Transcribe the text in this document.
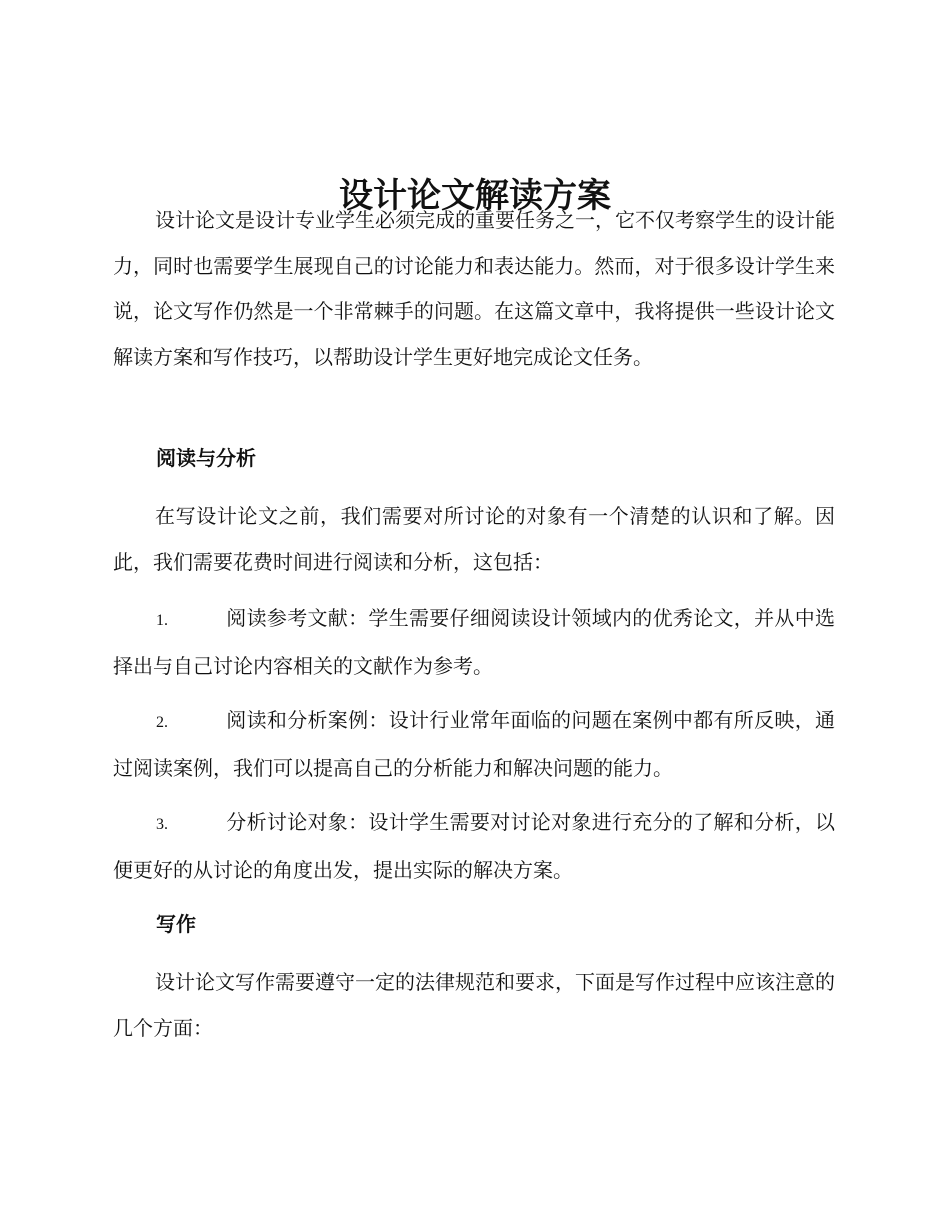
设计论文解读方案

设计论文是设计专业学生必须完成的重要任务之一，它不仅考察学生的设计能力，同时也需要学生展现自己的讨论能力和表达能力。然而，对于很多设计学生来说，论文写作仍然是一个非常棘手的问题。在这篇文章中，我将提供一些设计论文解读方案和写作技巧，以帮助设计学生更好地完成论文任务。

阅读与分析

在写设计论文之前，我们需要对所讨论的对象有一个清楚的认识和了解。因此，我们需要花费时间进行阅读和分析，这包括：

1.	阅读参考文献：学生需要仔细阅读设计领域内的优秀论文，并从中选择出与自己讨论内容相关的文献作为参考。

2.	阅读和分析案例：设计行业常年面临的问题在案例中都有所反映，通过阅读案例，我们可以提高自己的分析能力和解决问题的能力。

3.	分析讨论对象：设计学生需要对讨论对象进行充分的了解和分析，以便更好的从讨论的角度出发，提出实际的解决方案。

写作

设计论文写作需要遵守一定的法律规范和要求，下面是写作过程中应该注意的几个方面：
